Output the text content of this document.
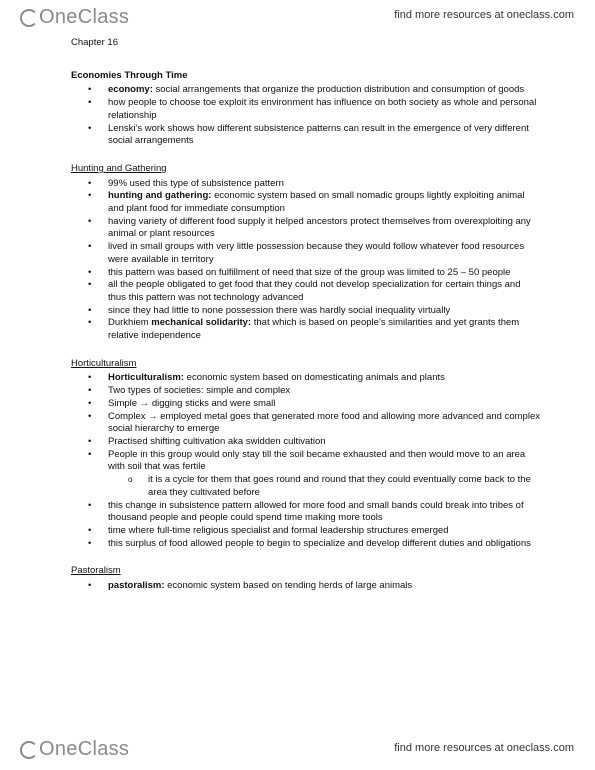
OneClass	find more resources at oneclass.com
Chapter 16
Economies Through Time
• economy: social arrangements that organize the production distribution and consumption of goods
• how people to choose toe exploit its environment has influence on both society as whole and personal relationship
• Lenski’s work shows how different subsistence patterns can result in the emergence of very different social arrangements
Hunting and Gathering
• 99% used this type of subsistence pattern
• hunting and gathering: economic system based on small nomadic groups lightly exploiting animal and plant food for immediate consumption
• having variety of different food supply it helped ancestors protect themselves from overexploiting any animal or plant resources
• lived in small groups with very little possession because they would follow whatever food resources were available in territory
• this pattern was based on fulfillment of need that size of the group was limited to 25 – 50 people
• all the people obligated to get food that they could not develop specialization for certain things and thus this pattern was not technology advanced
• since they had little to none possession there was hardly social inequality virtually
• Durkhiem mechanical solidarity: that which is based on people’s similarities and yet grants them relative independence
Horticulturalism
• Horticulturalism: economic system based on domesticating animals and plants
• Two types of societies: simple and complex
• Simple → digging sticks and were small
• Complex → employed metal goes that generated more food and allowing more advanced and complex social hierarchy to emerge
• Practised shifting cultivation aka swidden cultivation
• People in this group would only stay till the soil became exhausted and then would move to an area with soil that was fertile
o it is a cycle for them that goes round and round that they could eventually come back to the area they cultivated before
• this change in subsistence pattern allowed for more food and small bands could break into tribes of thousand people and people could spend time making more tools
• time where full-time religious specialist and formal leadership structures emerged
• this surplus of food allowed people to begin to specialize and develop different duties and obligations
Pastoralism
• pastoralism: economic system based on tending herds of large animals
OneClass	find more resources at oneclass.com
